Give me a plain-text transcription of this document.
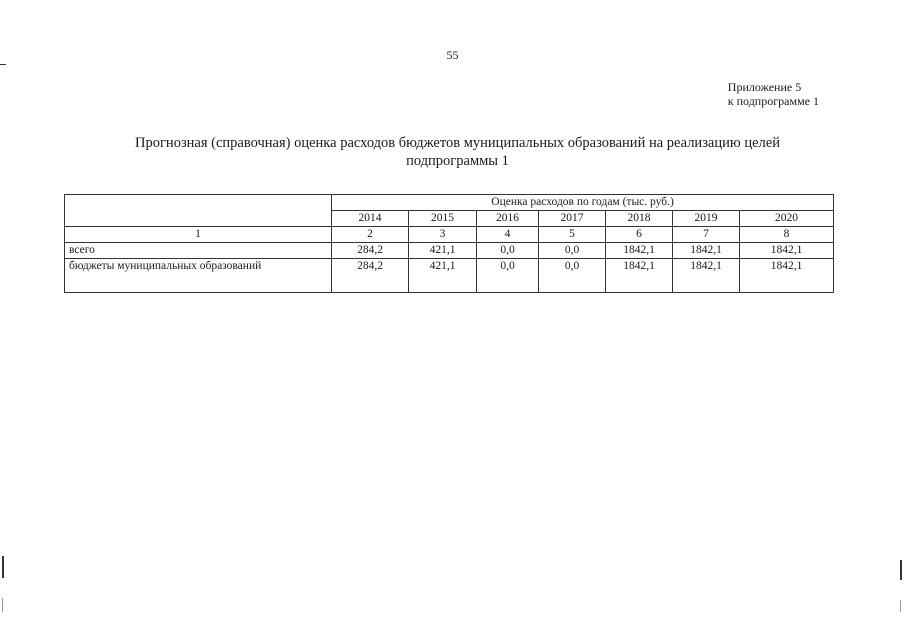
55
Приложение 5
к подпрограмме 1
Прогнозная (справочная) оценка расходов бюджетов муниципальных образований на реализацию целей
подпрограммы 1
	Оценка расходов по годам (тыс. руб.)						
	2014	2015	2016	2017	2018	2019	2020
1	2	3	4	5	6	7	8
всего	284,2	421,1	0,0	0,0	1842,1	1842,1	1842,1
бюджеты муниципальных образований	284,2	421,1	0,0	0,0	1842,1	1842,1	1842,1
